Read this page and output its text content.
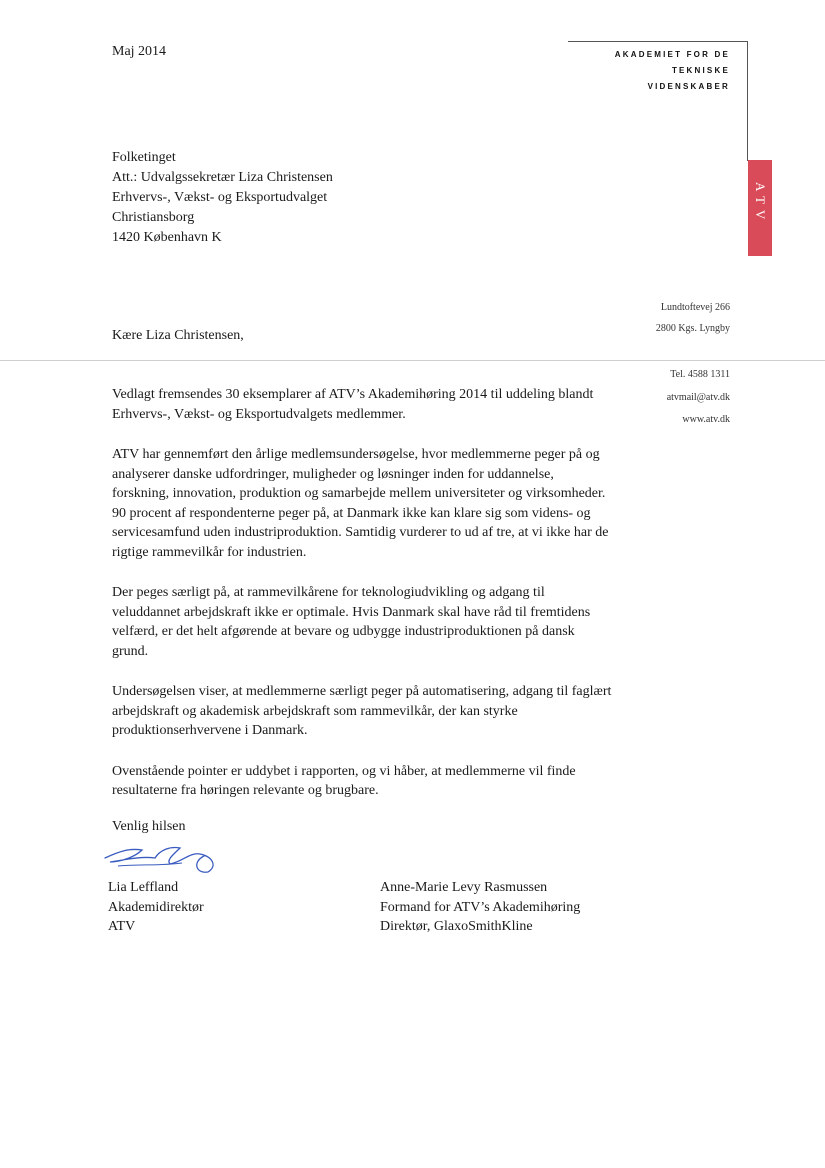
Maj 2014	AKADEMIET FOR DE
TEKNISKE
VIDENSKABER
ATV
Folketinget
Att.: Udvalgssekretær Liza Christensen
Erhvervs-, Vækst- og Eksportudvalget
Christiansborg
1420 København K
Lundtoftevej 266
2800 Kgs. Lyngby
Kære Liza Christensen,
Tel. 4588 1311
atvmail@atv.dk
www.atv.dk

Vedlagt fremsendes 30 eksemplarer af ATV’s Akademihøring 2014 til uddeling blandt Erhvervs-, Vækst- og Eksportudvalgets medlemmer.

ATV har gennemført den årlige medlemsundersøgelse, hvor medlemmerne peger på og analyserer danske udfordringer, muligheder og løsninger inden for uddannelse, forskning, innovation, produktion og samarbejde mellem universiteter og virksomheder. 90 procent af respondenterne peger på, at Danmark ikke kan klare sig som videns- og servicesamfund uden industriproduktion. Samtidig vurderer to ud af tre, at vi ikke har de rigtige rammevilkår for industrien.

Der peges særligt på, at rammevilkårene for teknologiudvikling og adgang til veluddannet arbejdskraft ikke er optimale. Hvis Danmark skal have råd til fremtidens velfærd, er det helt afgørende at bevare og udbygge industriproduktionen på dansk grund.

Undersøgelsen viser, at medlemmerne særligt peger på automatisering, adgang til faglært arbejdskraft og akademisk arbejdskraft som rammevilkår, der kan styrke produktionserhvervene i Danmark.

Ovenstående pointer er uddybet i rapporten, og vi håber, at medlemmerne vil finde resultaterne fra høringen relevante og brugbare.

Venlig hilsen
Lia Leffland
Akademidirektør
ATV
Anne-Marie Levy Rasmussen
Formand for ATV’s Akademihøring
Direktør, GlaxoSmithKline
